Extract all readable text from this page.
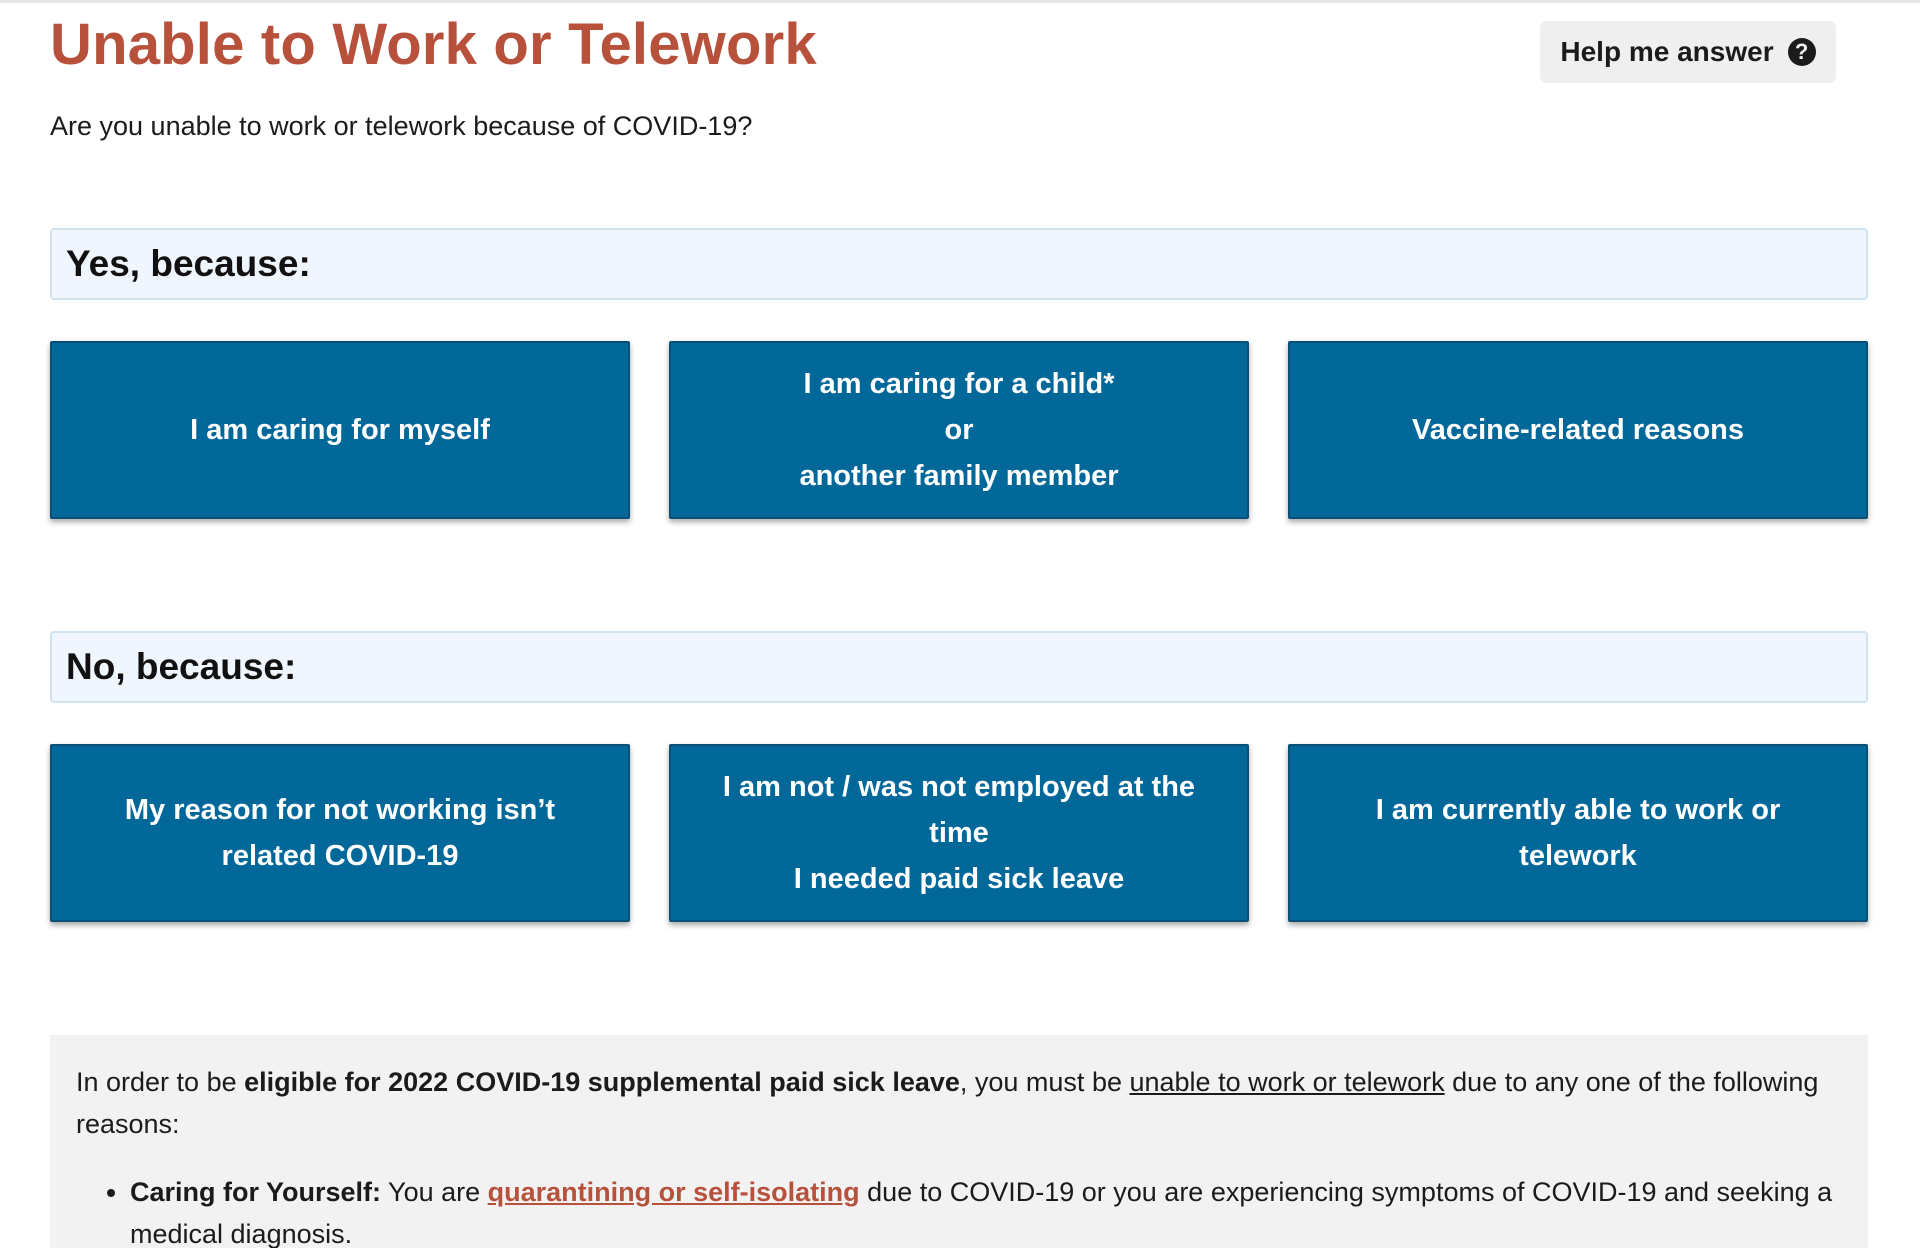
Unable to Work or Telework	Help me answer ?

Are you unable to work or telework because of COVID-19?

Yes, because:
I am caring for myself
I am caring for a child*
or
another family member
Vaccine-related reasons
No, because:
My reason for not working isn’t
related COVID-19
I am not / was not employed at the
time
I needed paid sick leave
I am currently able to work or
telework

In order to be eligible for 2022 COVID-19 supplemental paid sick leave, you must be unable to work or telework due to any one of the following reasons:

• Caring for Yourself: You are quarantining or self-isolating due to COVID-19 or you are experiencing symptoms of COVID-19 and seeking a medical diagnosis.
